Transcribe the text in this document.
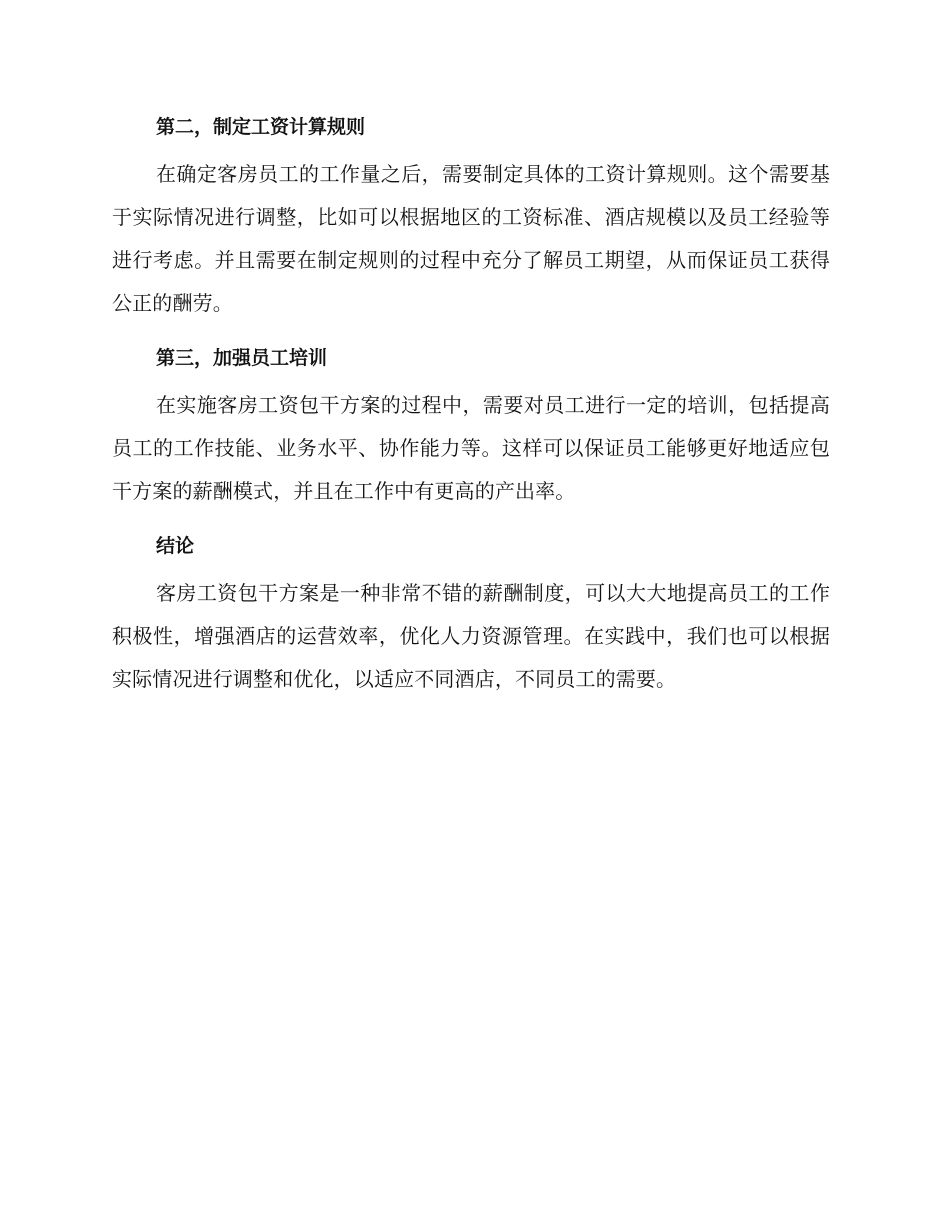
第二，制定工资计算规则

在确定客房员工的工作量之后，需要制定具体的工资计算规则。这个需要基于实际情况进行调整，比如可以根据地区的工资标准、酒店规模以及员工经验等进行考虑。并且需要在制定规则的过程中充分了解员工期望，从而保证员工获得公正的酬劳。

第三，加强员工培训

在实施客房工资包干方案的过程中，需要对员工进行一定的培训，包括提高员工的工作技能、业务水平、协作能力等。这样可以保证员工能够更好地适应包干方案的薪酬模式，并且在工作中有更高的产出率。

结论

客房工资包干方案是一种非常不错的薪酬制度，可以大大地提高员工的工作积极性，增强酒店的运营效率，优化人力资源管理。在实践中，我们也可以根据实际情况进行调整和优化，以适应不同酒店，不同员工的需要。
